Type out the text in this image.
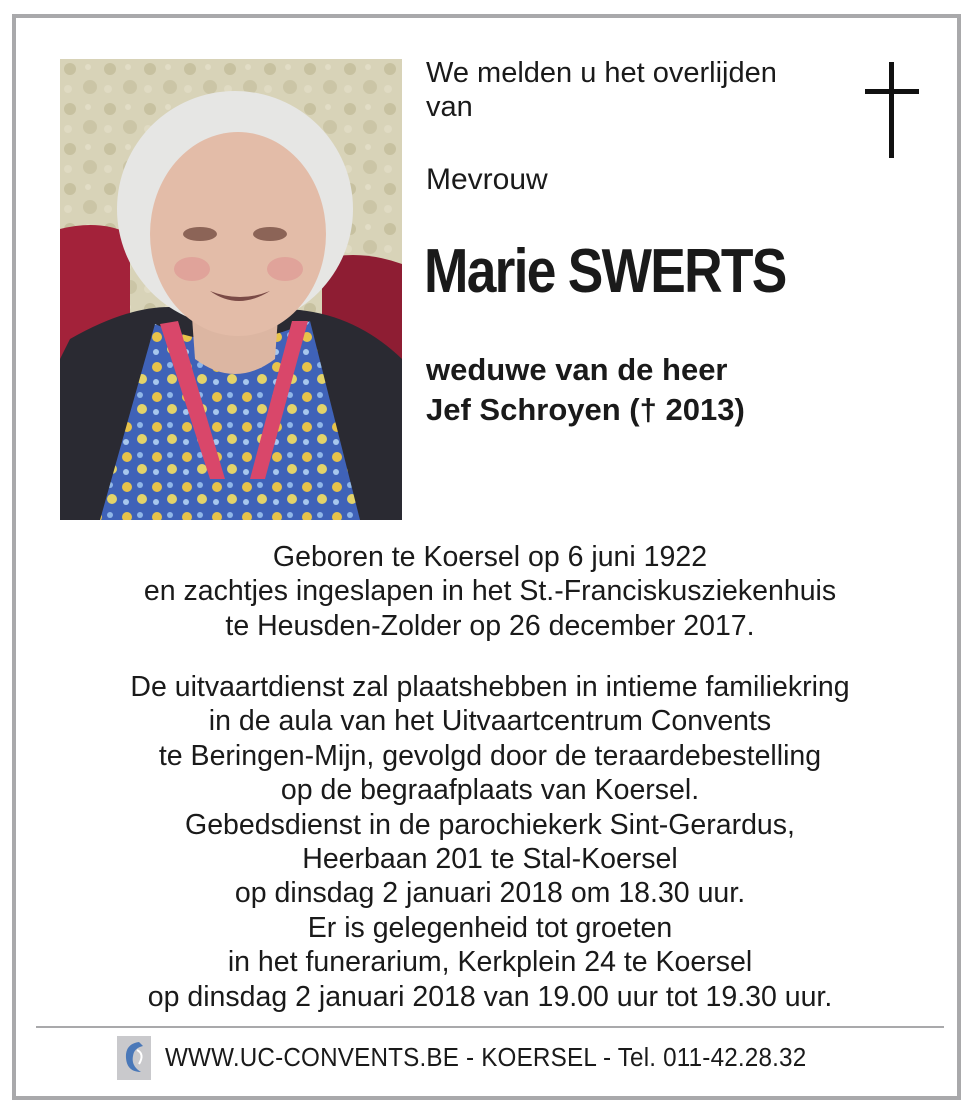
We melden u het overlijden van
Mevrouw
Marie SWERTS
weduwe van de heer
Jef Schroyen († 2013)
Geboren te Koersel op 6 juni 1922
en zachtjes ingeslapen in het St.-Franciskusziekenhuis
te Heusden-Zolder op 26 december 2017.
De uitvaartdienst zal plaatshebben in intieme familiekring
in de aula van het Uitvaartcentrum Convents
te Beringen-Mijn, gevolgd door de teraardebestelling
op de begraafplaats van Koersel.
Gebedsdienst in de parochiekerk Sint-Gerardus,
Heerbaan 201 te Stal-Koersel
op dinsdag 2 januari 2018 om 18.30 uur.
Er is gelegenheid tot groeten
in het funerarium, Kerkplein 24 te Koersel
op dinsdag 2 januari 2018 van 19.00 uur tot 19.30 uur.
WWW.UC-CONVENTS.BE - KOERSEL - Tel. 011-42.28.32
